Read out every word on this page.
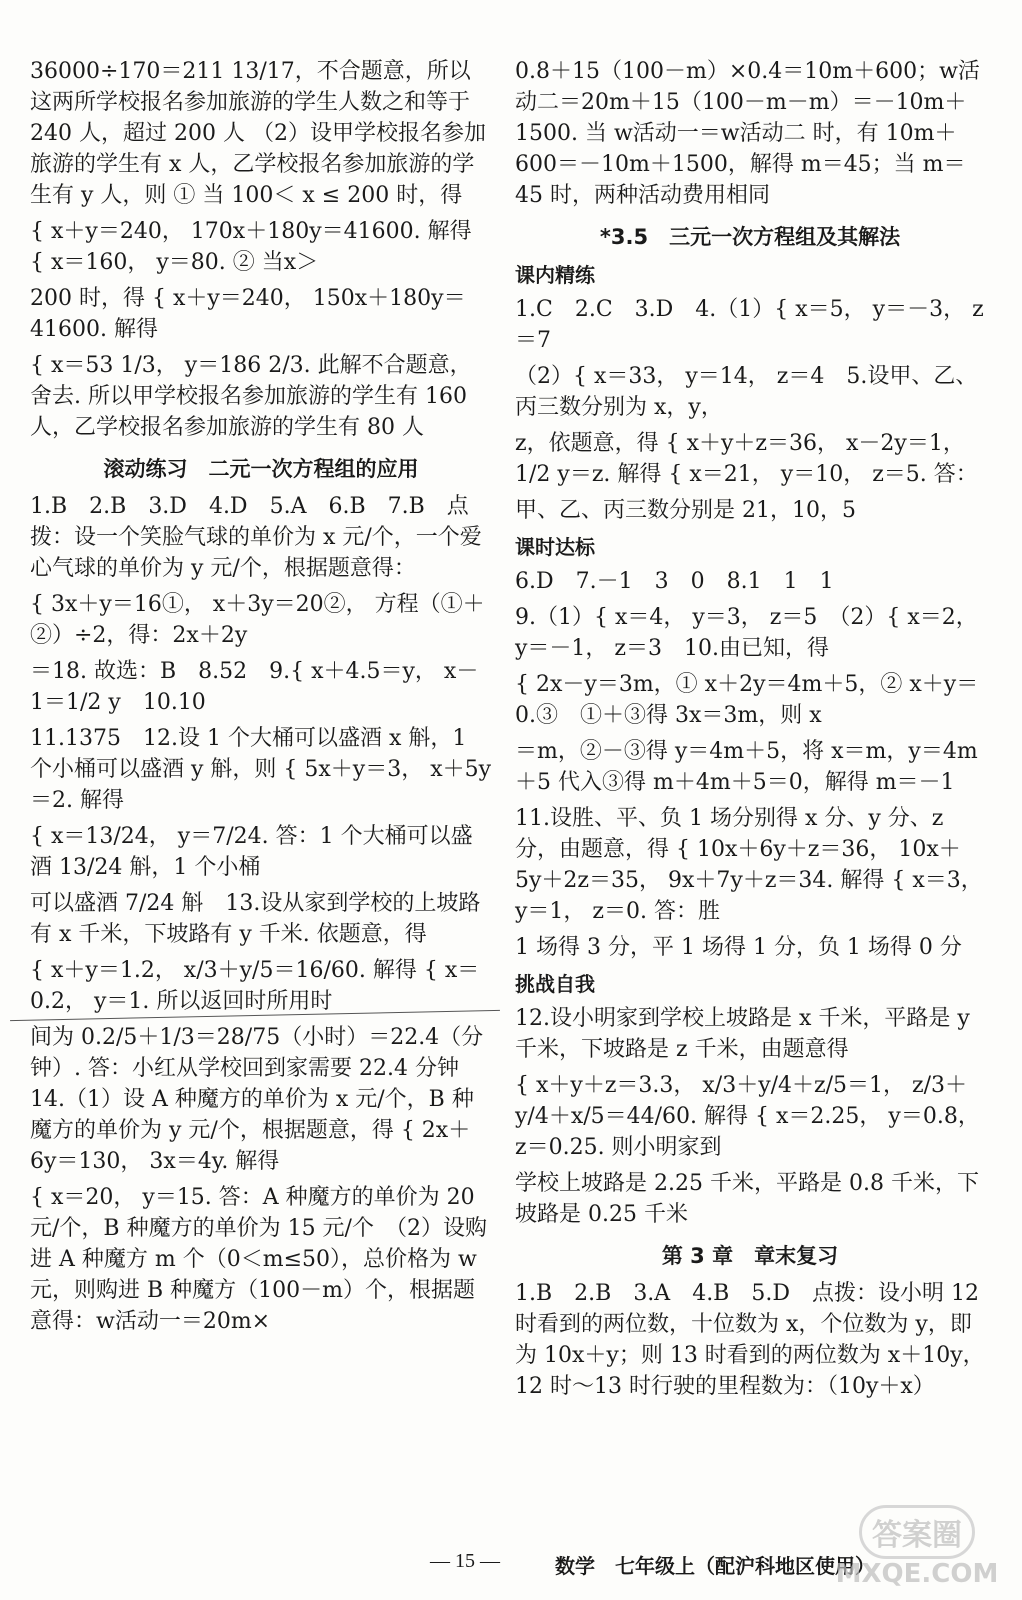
36000÷170＝211 13/17，不合题意，所以这两所学校报名参加旅游的学生人数之和等于 240 人，超过 200 人 （2）设甲学校报名参加旅游的学生有 x 人，乙学校报名参加旅游的学生有 y 人，则 ① 当 100＜ x ≤ 200 时，得

{ x＋y＝240， 170x＋180y＝41600. 解得 { x＝160， y＝80. ② 当x＞

200 时，得 { x＋y＝240， 150x＋180y＝41600. 解得

{ x＝53 1/3， y＝186 2/3. 此解不合题意，舍去. 所以甲学校报名参加旅游的学生有 160 人，乙学校报名参加旅游的学生有 80 人

滚动练习　二元一次方程组的应用

1.B　2.B　3.D　4.D　5.A　6.B　7.B　点拨：设一个笑脸气球的单价为 x 元/个，一个爱心气球的单价为 y 元/个，根据题意得：

{ 3x＋y＝16①， x＋3y＝20②， 方程（①＋②）÷2，得：2x＋2y

＝18. 故选：B　8.52　9.{ x＋4.5＝y， x－1＝1/2 y　10.10

11.1375　12.设 1 个大桶可以盛酒 x 斛，1 个小桶可以盛酒 y 斛，则 { 5x＋y＝3， x＋5y＝2. 解得

{ x＝13/24， y＝7/24. 答：1 个大桶可以盛酒 13/24 斛，1 个小桶

可以盛酒 7/24 斛　13.设从家到学校的上坡路有 x 千米，下坡路有 y 千米. 依题意，得

{ x＋y＝1.2， x/3＋y/5＝16/60. 解得 { x＝0.2， y＝1. 所以返回时所用时

间为 0.2/5＋1/3＝28/75（小时）＝22.4（分钟）. 答：小红从学校回到家需要 22.4 分钟　14.（1）设 A 种魔方的单价为 x 元/个，B 种魔方的单价为 y 元/个，根据题意，得 { 2x＋6y＝130， 3x＝4y. 解得

{ x＝20， y＝15. 答：A 种魔方的单价为 20 元/个，B 种魔方的单价为 15 元/个　（2）设购进 A 种魔方 m 个（0＜m≤50），总价格为 w 元，则购进 B 种魔方（100－m）个，根据题意得：w活动一＝20m×

0.8＋15（100－m）×0.4＝10m＋600；w活动二＝20m＋15（100－m－m）＝－10m＋1500. 当 w活动一＝w活动二 时，有 10m＋600＝－10m＋1500，解得 m＝45；当 m＝45 时，两种活动费用相同

*3.5　三元一次方程组及其解法
课内精练

1.C　2.C　3.D　4.（1）{ x＝5， y＝－3， z＝7

（2）{ x＝33， y＝14， z＝4　5.设甲、乙、丙三数分别为 x，y，

z，依题意，得 { x＋y＋z＝36， x－2y＝1， 1/2 y＝z. 解得 { x＝21， y＝10， z＝5. 答：

甲、乙、丙三数分别是 21，10，5

课时达标

6.D　7.－1　3　0　8.1　1　1

9.（1）{ x＝4， y＝3， z＝5　（2）{ x＝2， y＝－1， z＝3　10.由已知，得

{ 2x－y＝3m，① x＋2y＝4m＋5，② x＋y＝0.③　①＋③得 3x＝3m，则 x

＝m，②－③得 y＝4m＋5，将 x＝m，y＝4m＋5 代入③得 m＋4m＋5＝0，解得 m＝－1

11.设胜、平、负 1 场分别得 x 分、y 分、z 分，由题意，得 { 10x＋6y＋z＝36， 10x＋5y＋2z＝35， 9x＋7y＋z＝34. 解得 { x＝3， y＝1， z＝0. 答：胜

1 场得 3 分，平 1 场得 1 分，负 1 场得 0 分

挑战自我

12.设小明家到学校上坡路是 x 千米，平路是 y 千米，下坡路是 z 千米，由题意得

{ x＋y＋z＝3.3， x/3＋y/4＋z/5＝1， z/3＋y/4＋x/5＝44/60. 解得 { x＝2.25， y＝0.8， z＝0.25. 则小明家到

学校上坡路是 2.25 千米，平路是 0.8 千米，下坡路是 0.25 千米

第 3 章　章末复习

1.B　2.B　3.A　4.B　5.D　点拨：设小明 12 时看到的两位数，十位数为 x，个位数为 y，即为 10x＋y；则 13 时看到的两位数为 x＋10y，12 时～13 时行驶的里程数为：（10y＋x）

— 15 —	数学　七年级上（配沪科地区使用）
答案圈
MXQE.COM
